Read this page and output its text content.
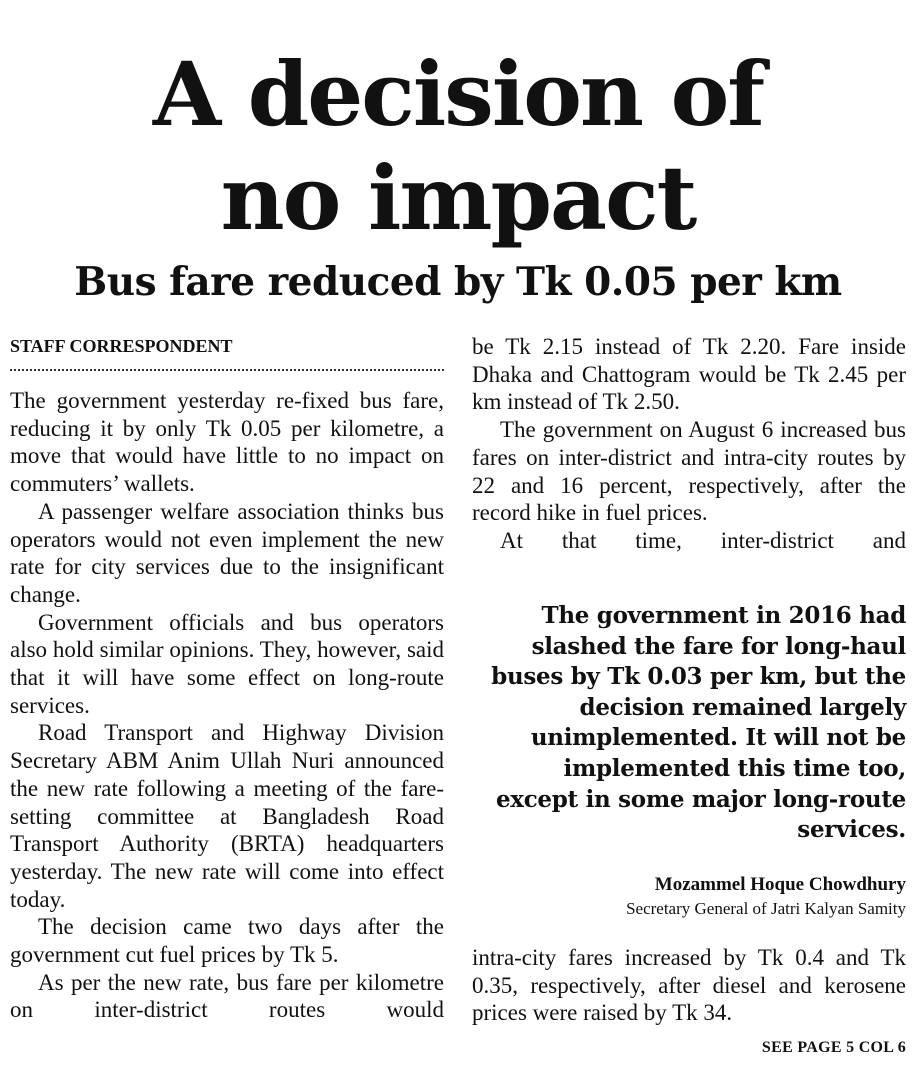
A decision of
no impact
Bus fare reduced by Tk 0.05 per km
STAFF CORRESPONDENT

The government yesterday re-fixed bus fare, reducing it by only Tk 0.05 per kilometre, a move that would have little to no impact on commuters’ wallets.

A passenger welfare association thinks bus operators would not even implement the new rate for city services due to the insignificant change.

Government officials and bus operators also hold similar opinions. They, however, said that it will have some effect on long-route services.

Road Transport and Highway Division Secretary ABM Anim Ullah Nuri announced the new rate following a meeting of the fare-setting committee at Bangladesh Road Transport Authority (BRTA) headquarters yesterday. The new rate will come into effect today.

The decision came two days after the government cut fuel prices by Tk 5.

As per the new rate, bus fare per kilometre on inter-district routes would

be Tk 2.15 instead of Tk 2.20. Fare inside Dhaka and Chattogram would be Tk 2.45 per km instead of Tk 2.50.

The government on August 6 increased bus fares on inter-district and intra-city routes by 22 and 16 percent, respectively, after the record hike in fuel prices.

At that time, inter-district and

The government in 2016 had slashed the fare for long-haul buses by Tk 0.03 per km, but the decision remained largely unimplemented. It will not be implemented this time too, except in some major long-route services.

Mozammel Hoque Chowdhury
Secretary General of Jatri Kalyan Samity

intra-city fares increased by Tk 0.4 and Tk 0.35, respectively, after diesel and kerosene prices were raised by Tk 34.

SEE PAGE 5 COL 6
